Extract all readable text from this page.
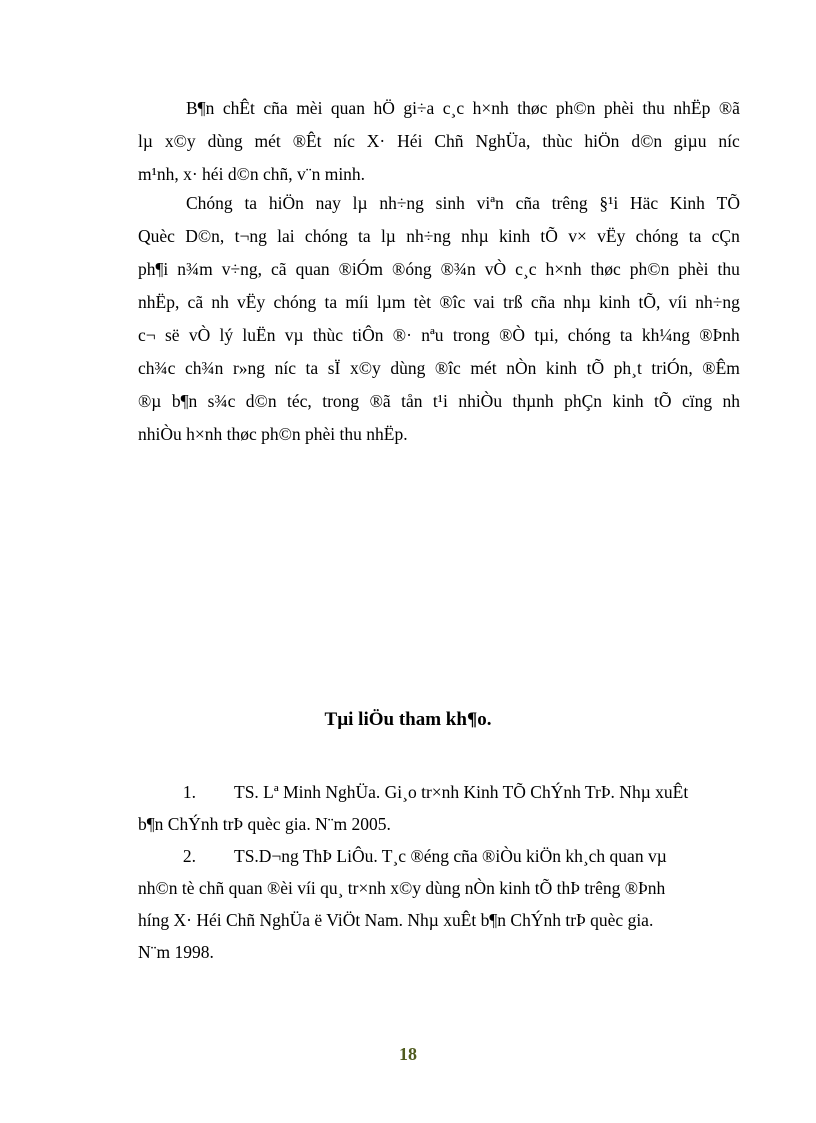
B¶n chÊt cña mèi quan hÖ gi÷a c¸c h×nh thøc ph©n phèi thu nhËp ®ã
lµ x©y dùng mét ®Êt níc X· Héi Chñ NghÜa, thùc hiÖn d©n giµu níc
m¹nh, x· héi d©n chñ, v¨n minh.
Chóng ta hiÖn nay lµ nh÷ng sinh viªn cña trêng §¹i Häc Kinh TÕ
Quèc D©n, t¬ng lai chóng ta lµ nh÷ng nhµ kinh tÕ v× vËy chóng ta cÇn
ph¶i n¾m v÷ng, cã quan ®iÓm ®óng ®¾n vÒ c¸c h×nh thøc ph©n phèi thu
nhËp, cã nh vËy chóng ta míi lµm tèt ®îc vai trß cña nhµ kinh tÕ, víi nh÷ng
c¬ së vÒ lý luËn vµ thùc tiÔn ®· nªu trong ®Ò tµi, chóng ta kh¼ng ®Þnh
ch¾c ch¾n r»ng níc ta sÏ x©y dùng ®îc mét nÒn kinh tÕ ph¸t triÓn, ®Êm
®µ b¶n s¾c d©n téc, trong ®ã tån t¹i nhiÒu thµnh phÇn kinh tÕ cïng nh
nhiÒu h×nh thøc ph©n phèi thu nhËp.
Tµi liÖu tham kh¶o.
1. TS. Lª Minh NghÜa. Gi¸o tr×nh Kinh TÕ ChÝnh TrÞ. Nhµ xuÊt
b¶n ChÝnh trÞ quèc gia. N¨m 2005.
2. TS.D¬ng ThÞ LiÔu. T¸c ®éng cña ®iÒu kiÖn kh¸ch quan vµ
nh©n tè chñ quan ®èi víi qu¸ tr×nh x©y dùng nÒn kinh tÕ thÞ trêng ®Þnh
híng X· Héi Chñ NghÜa ë ViÖt Nam. Nhµ xuÊt b¶n ChÝnh trÞ quèc gia.
N¨m 1998.
18
